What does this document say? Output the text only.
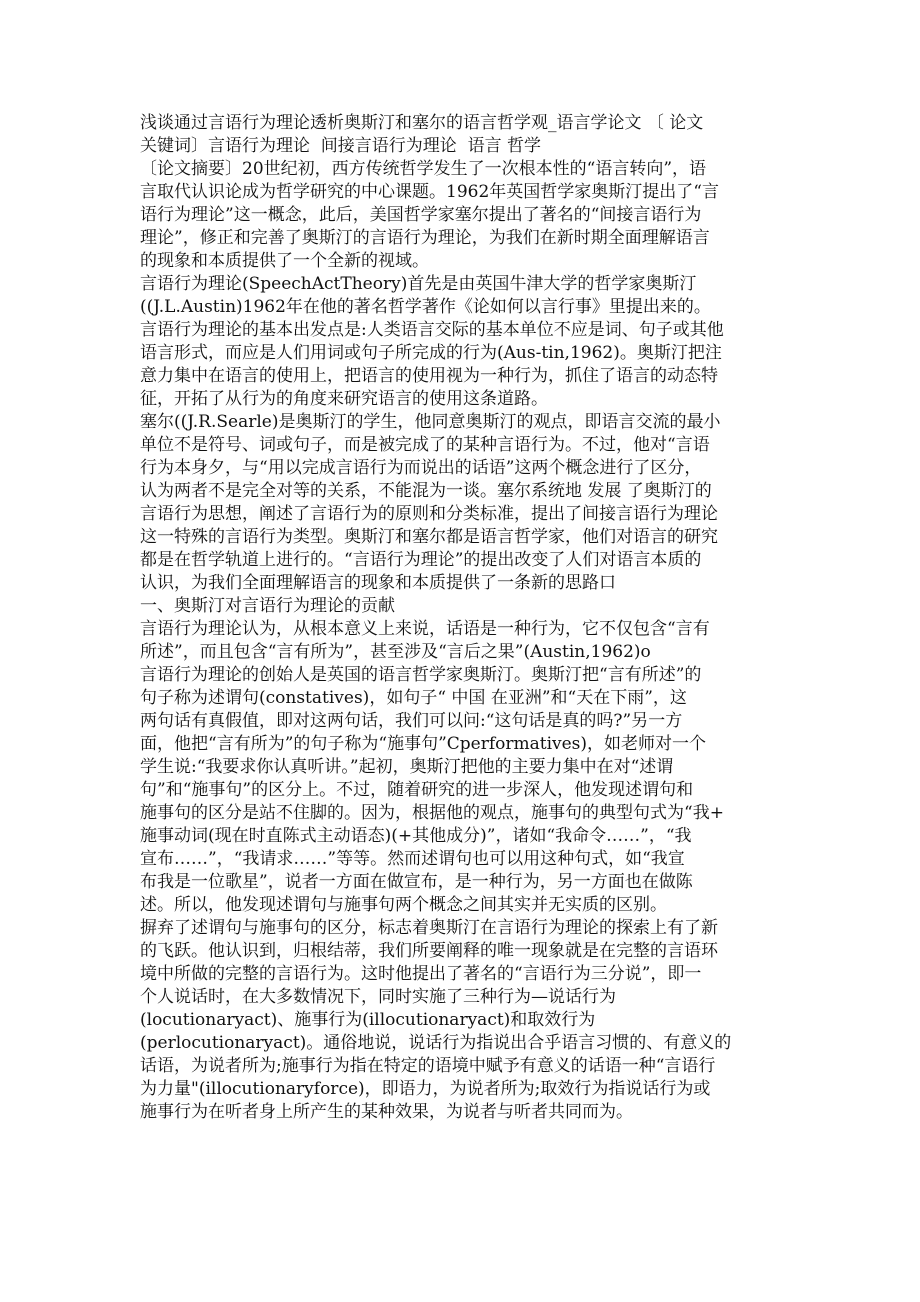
浅谈通过言语行为理论透析奥斯汀和塞尔的语言哲学观_语言学论文 〔 论文
关键词〕言语行为理论  间接言语行为理论  语言 哲学
〔论文摘要〕20世纪初，西方传统哲学发生了一次根本性的“语言转向”，语
言取代认识论成为哲学研究的中心课题。1962年英国哲学家奥斯汀提出了“言
语行为理论”这一概念，此后，美国哲学家塞尔提出了著名的“间接言语行为
理论”，修正和完善了奥斯汀的言语行为理论，为我们在新时期全面理解语言
的现象和本质提供了一个全新的视域。
言语行为理论(SpeechActTheory)首先是由英国牛津大学的哲学家奥斯汀
((J.L.Austin)1962年在他的著名哲学著作《论如何以言行事》里提出来的。
言语行为理论的基本出发点是:人类语言交际的基本单位不应是词、句子或其他
语言形式，而应是人们用词或句子所完成的行为(Aus-tin,1962)。奥斯汀把注
意力集中在语言的使用上，把语言的使用视为一种行为，抓住了语言的动态特
征，开拓了从行为的角度来研究语言的使用这条道路。
塞尔((J.R.Searle)是奥斯汀的学生，他同意奥斯汀的观点，即语言交流的最小
单位不是符号、词或句子，而是被完成了的某种言语行为。不过，他对“言语
行为本身夕，与“用以完成言语行为而说出的话语”这两个概念进行了区分，
认为两者不是完全对等的关系，不能混为一谈。塞尔系统地 发展 了奥斯汀的
言语行为思想，阐述了言语行为的原则和分类标准，提出了间接言语行为理论
这一特殊的言语行为类型。奥斯汀和塞尔都是语言哲学家，他们对语言的研究
都是在哲学轨道上进行的。“言语行为理论”的提出改变了人们对语言本质的
认识，为我们全面理解语言的现象和本质提供了一条新的思路口
一、奥斯汀对言语行为理论的贡献
言语行为理论认为，从根本意义上来说，话语是一种行为，它不仅包含“言有
所述”，而且包含“言有所为”，甚至涉及“言后之果”(Austin,1962)o
言语行为理论的创始人是英国的语言哲学家奥斯汀。奥斯汀把“言有所述”的
句子称为述谓句(constatives)，如句子“ 中国 在亚洲”和“天在下雨”，这
两句话有真假值，即对这两句话，我们可以问:“这句话是真的吗?”另一方
面，他把“言有所为”的句子称为“施事句”Cperformatives)，如老师对一个
学生说:“我要求你认真听讲。”起初，奥斯汀把他的主要力集中在对“述谓
句”和“施事句”的区分上。不过，随着研究的进一步深人，他发现述谓句和
施事句的区分是站不住脚的。因为，根据他的观点，施事句的典型句式为“我+
施事动词(现在时直陈式主动语态)(+其他成分)”，诸如“我命令……”，“我
宣布……”，“我请求……”等等。然而述谓句也可以用这种句式，如“我宣
布我是一位歌星”，说者一方面在做宣布，是一种行为，另一方面也在做陈
述。所以，他发现述谓句与施事句两个概念之间其实并无实质的区别。
摒弃了述谓句与施事句的区分，标志着奥斯汀在言语行为理论的探索上有了新
的飞跃。他认识到，归根结蒂，我们所要阐释的唯一现象就是在完整的言语环
境中所做的完整的言语行为。这时他提出了著名的“言语行为三分说”，即一
个人说话时，在大多数情况下，同时实施了三种行为—说话行为
(locutionaryact)、施事行为(illocutionaryact)和取效行为
(perlocutionaryact)。通俗地说，说话行为指说出合乎语言习惯的、有意义的
话语，为说者所为;施事行为指在特定的语境中赋予有意义的话语一种“言语行
为力量"(illocutionaryforce)，即语力，为说者所为;取效行为指说话行为或
施事行为在听者身上所产生的某种效果，为说者与听者共同而为。
